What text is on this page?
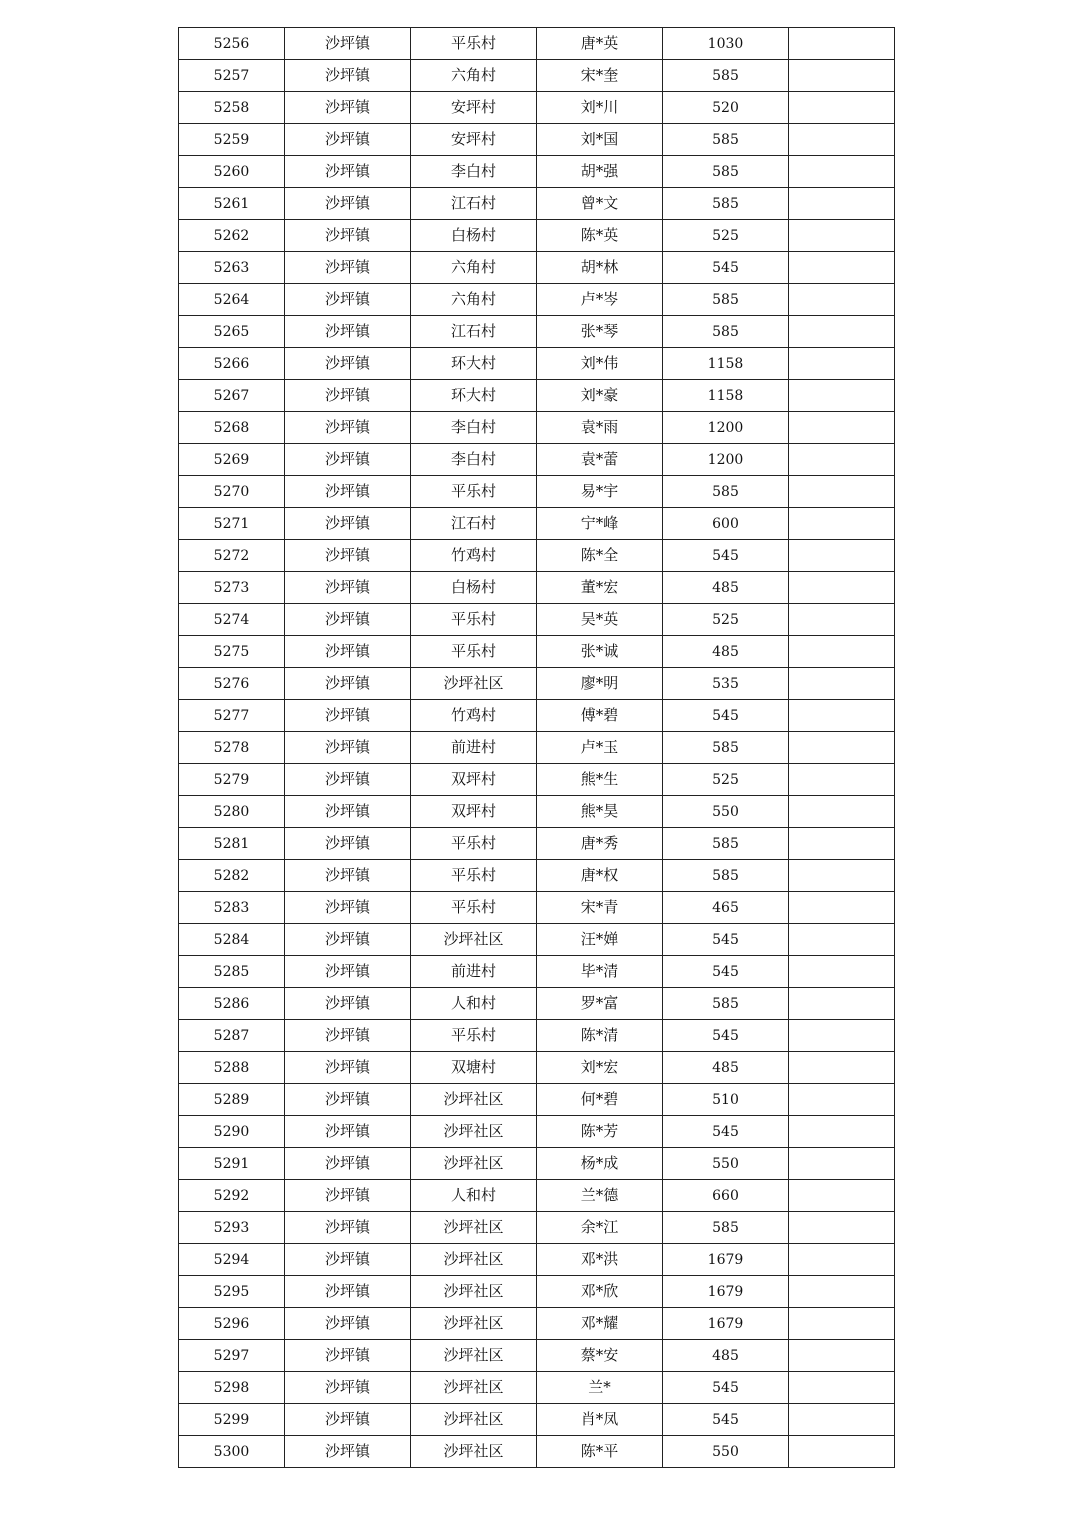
5256	沙坪镇	平乐村	唐*英	1030	
5257	沙坪镇	六角村	宋*奎	585	
5258	沙坪镇	安坪村	刘*川	520	
5259	沙坪镇	安坪村	刘*国	585	
5260	沙坪镇	李白村	胡*强	585	
5261	沙坪镇	江石村	曾*文	585	
5262	沙坪镇	白杨村	陈*英	525	
5263	沙坪镇	六角村	胡*林	545	
5264	沙坪镇	六角村	卢*岑	585	
5265	沙坪镇	江石村	张*琴	585	
5266	沙坪镇	环大村	刘*伟	1158	
5267	沙坪镇	环大村	刘*豪	1158	
5268	沙坪镇	李白村	袁*雨	1200	
5269	沙坪镇	李白村	袁*蕾	1200	
5270	沙坪镇	平乐村	易*宇	585	
5271	沙坪镇	江石村	宁*峰	600	
5272	沙坪镇	竹鸡村	陈*全	545	
5273	沙坪镇	白杨村	董*宏	485	
5274	沙坪镇	平乐村	吴*英	525	
5275	沙坪镇	平乐村	张*诚	485	
5276	沙坪镇	沙坪社区	廖*明	535	
5277	沙坪镇	竹鸡村	傅*碧	545	
5278	沙坪镇	前进村	卢*玉	585	
5279	沙坪镇	双坪村	熊*生	525	
5280	沙坪镇	双坪村	熊*昊	550	
5281	沙坪镇	平乐村	唐*秀	585	
5282	沙坪镇	平乐村	唐*权	585	
5283	沙坪镇	平乐村	宋*青	465	
5284	沙坪镇	沙坪社区	汪*婵	545	
5285	沙坪镇	前进村	毕*清	545	
5286	沙坪镇	人和村	罗*富	585	
5287	沙坪镇	平乐村	陈*清	545	
5288	沙坪镇	双塘村	刘*宏	485	
5289	沙坪镇	沙坪社区	何*碧	510	
5290	沙坪镇	沙坪社区	陈*芳	545	
5291	沙坪镇	沙坪社区	杨*成	550	
5292	沙坪镇	人和村	兰*德	660	
5293	沙坪镇	沙坪社区	余*江	585	
5294	沙坪镇	沙坪社区	邓*洪	1679	
5295	沙坪镇	沙坪社区	邓*欣	1679	
5296	沙坪镇	沙坪社区	邓*耀	1679	
5297	沙坪镇	沙坪社区	蔡*安	485	
5298	沙坪镇	沙坪社区	兰*	545	
5299	沙坪镇	沙坪社区	肖*凤	545	
5300	沙坪镇	沙坪社区	陈*平	550	
